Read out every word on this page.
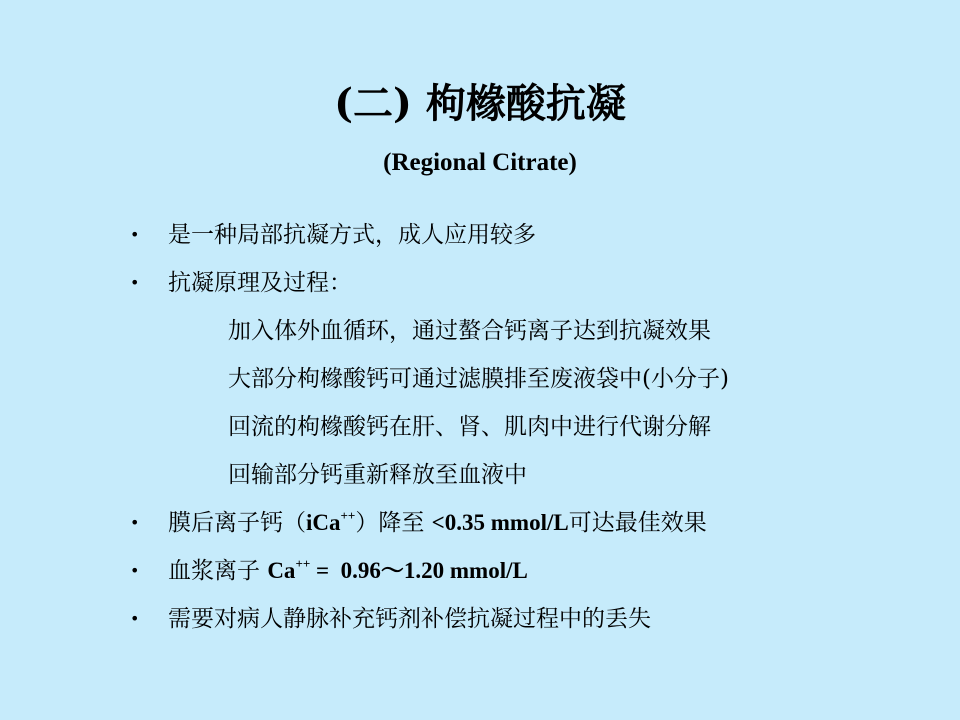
(二) 枸橼酸抗凝
(Regional Citrate)
• 是一种局部抗凝方式，成人应用较多
• 抗凝原理及过程：
加入体外血循环，通过螯合钙离子达到抗凝效果
大部分枸橼酸钙可通过滤膜排至废液袋中(小分子)
回流的枸橼酸钙在肝、肾、肌肉中进行代谢分解
回输部分钙重新释放至血液中
• 膜后离子钙（iCa++）降至 <0.35 mmol/L可达最佳效果
• 血浆离子 Ca++ =  0.96～1.20 mmol/L
• 需要对病人静脉补充钙剂补偿抗凝过程中的丢失
